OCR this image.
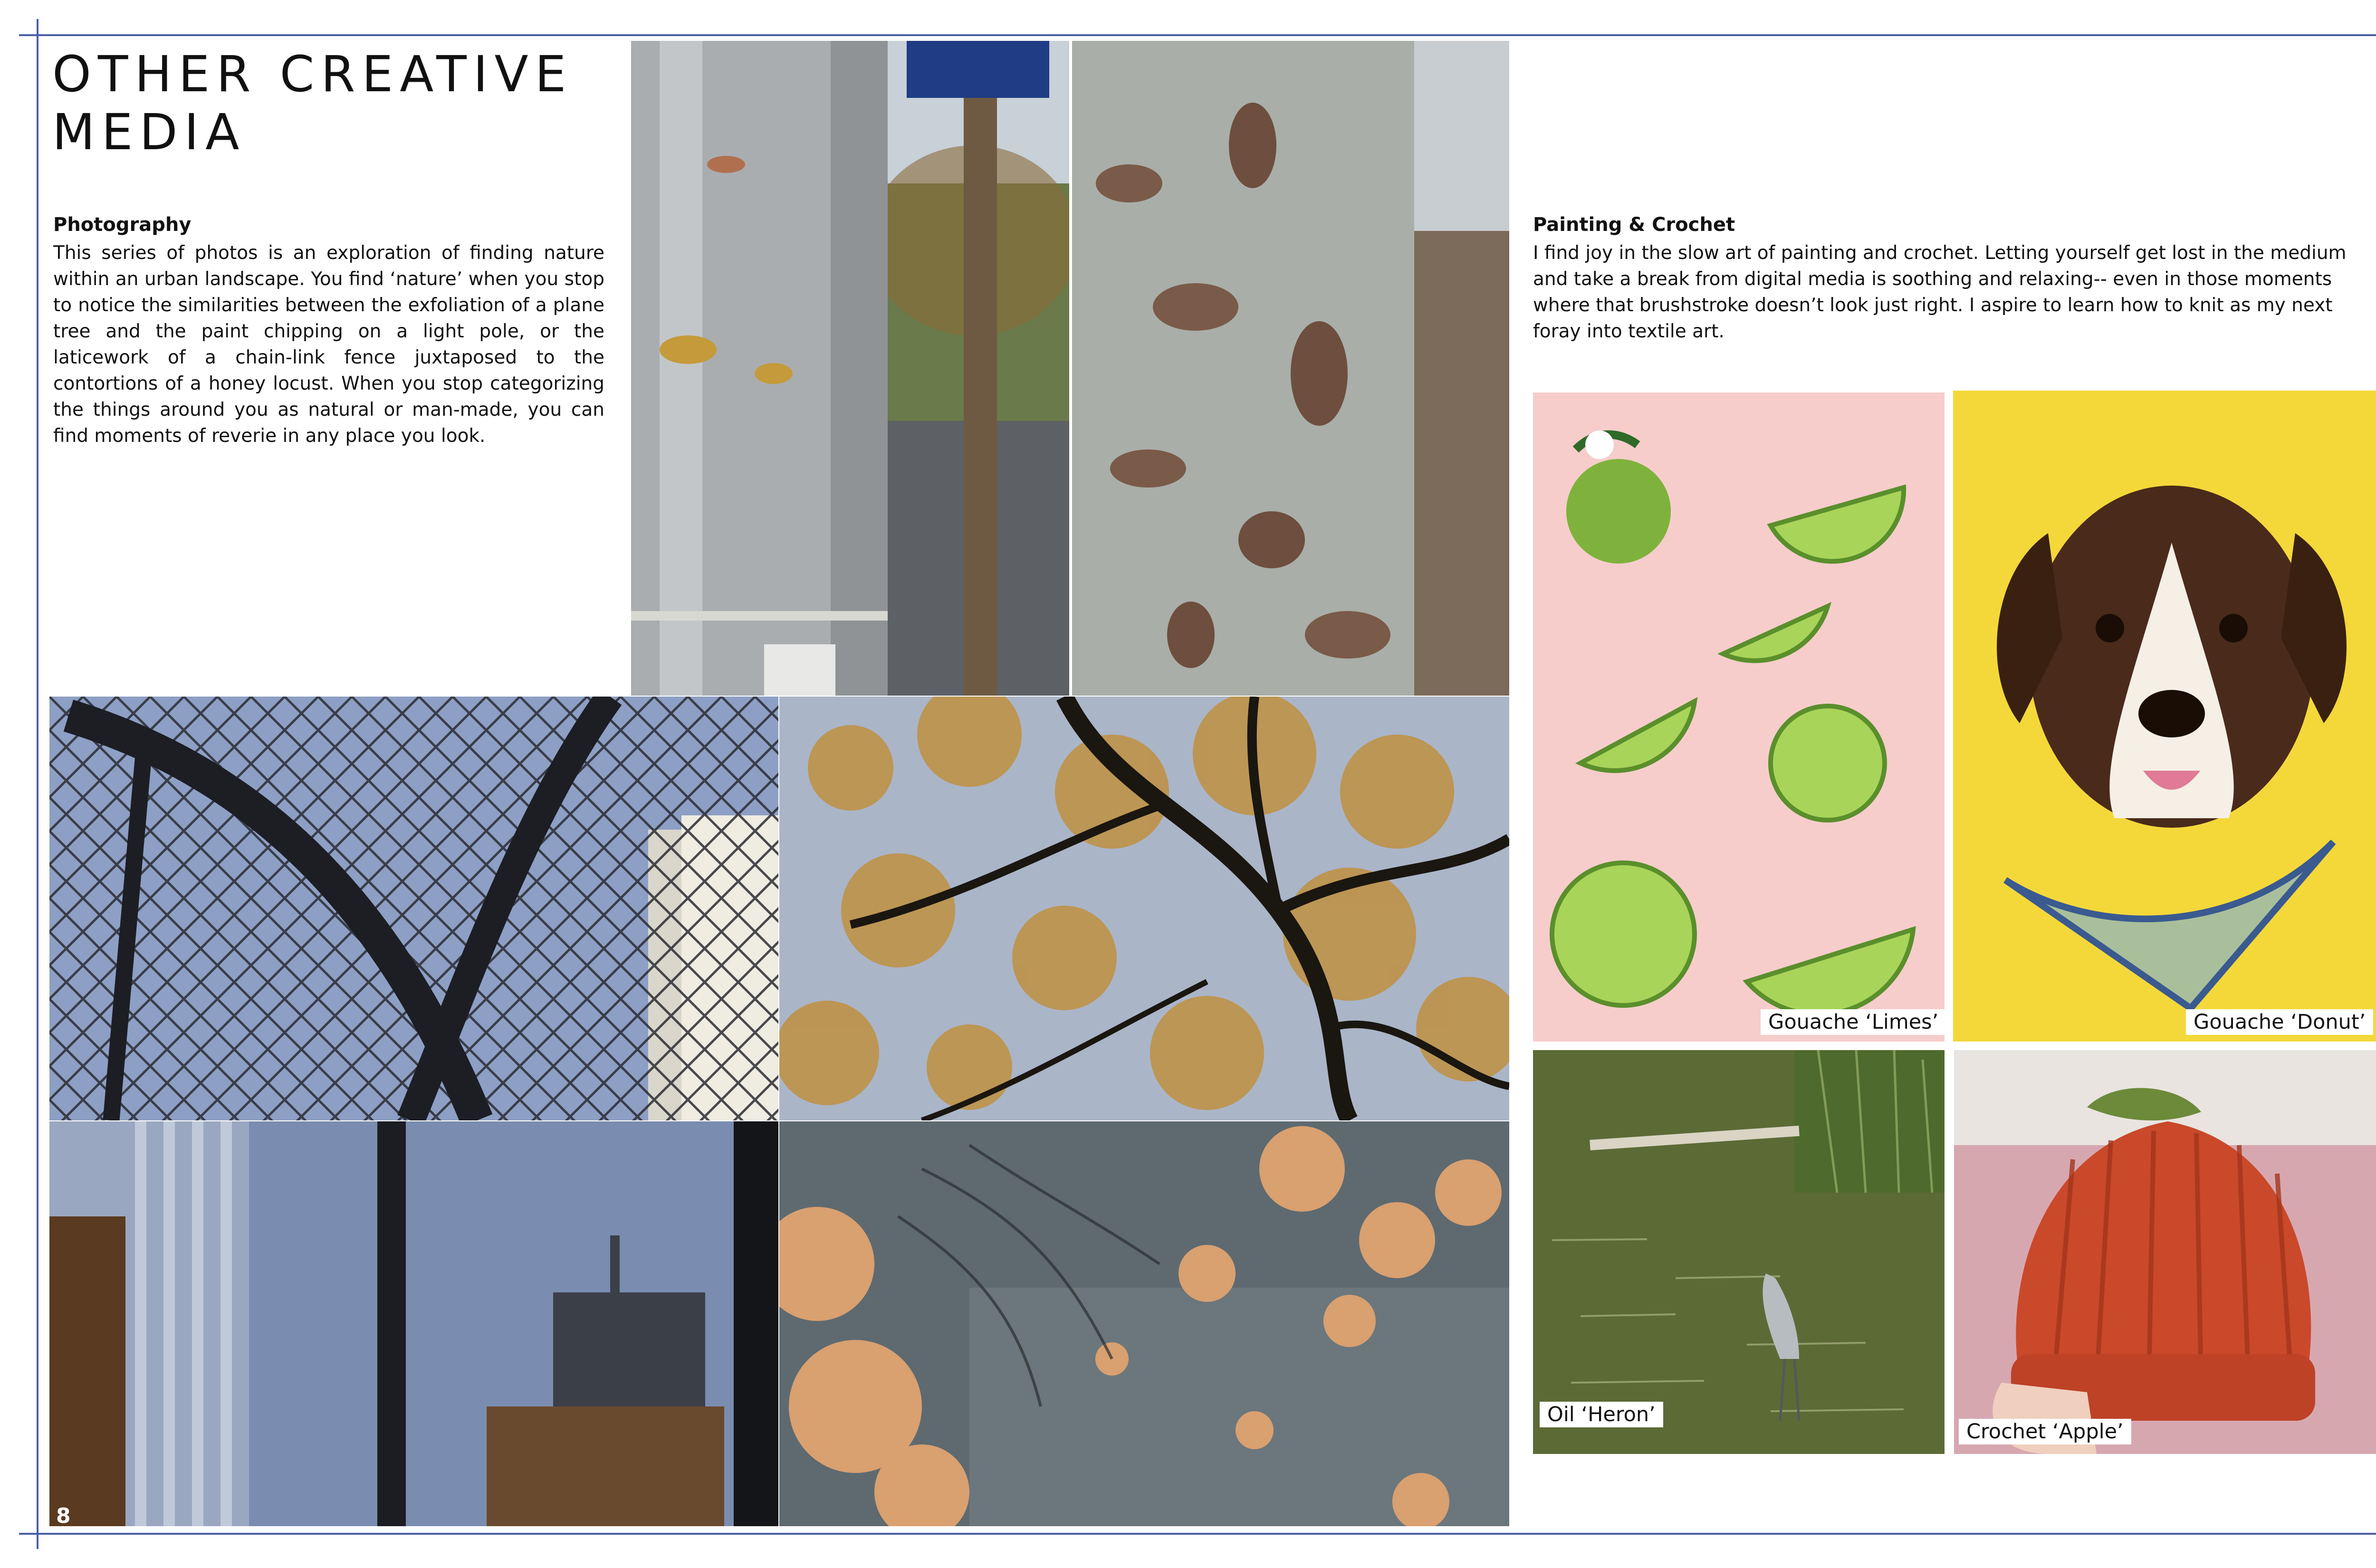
OTHER CREATIVE
MEDIA
Photography

This series of photos is an exploration of finding nature within an urban landscape. You find ‘nature’ when you stop to notice the similarities between the exfoliation of a plane tree and the paint chipping on a light pole, or the laticework of a chain-link fence juxtaposed to the contortions of a honey locust. When you stop categorizing the things around you as natural or man-made, you can find moments of reverie in any place you look.

Painting & Crochet

I find joy in the slow art of painting and crochet. Letting yourself get lost in the medium and take a break from digital media is soothing and relaxing-- even in those moments where that brushstroke doesn’t look just right. I aspire to learn how to knit as my next foray into textile art.

8
Gouache ‘Limes’	Gouache ‘Donut’
Oil ‘Heron’
Crochet ‘Apple’
